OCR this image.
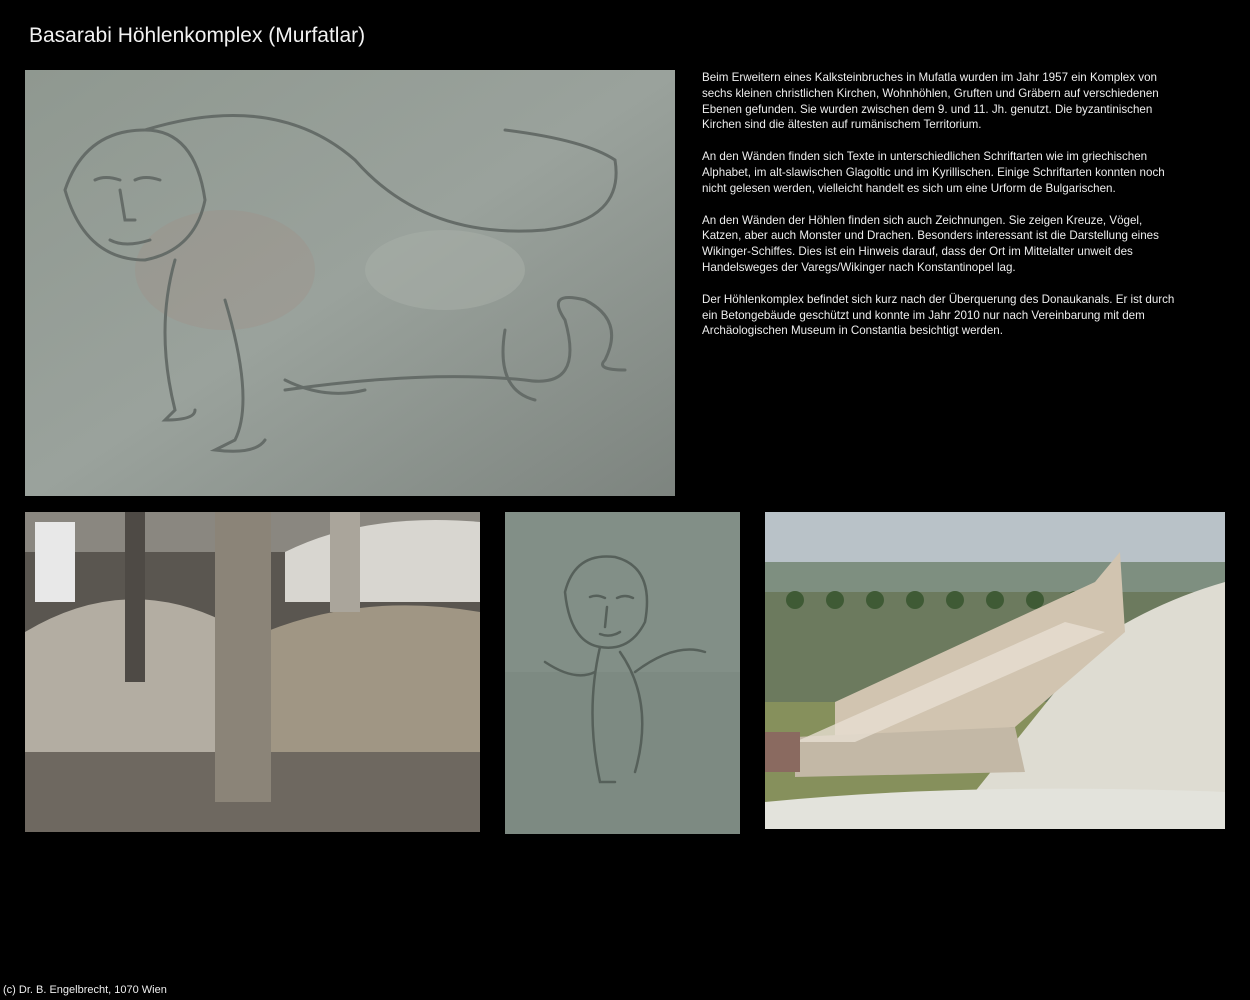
Basarabi Höhlenkomplex (Murfatlar)

Beim Erweitern eines Kalksteinbruches in Mufatla wurden im Jahr 1957 ein Komplex von sechs kleinen christlichen Kirchen, Wohnhöhlen, Gruften und Gräbern auf verschiedenen Ebenen gefunden. Sie wurden zwischen dem 9. und 11. Jh. genutzt. Die byzantinischen Kirchen sind die ältesten auf rumänischem Territorium.

An den Wänden finden sich Texte in unterschiedlichen Schriftarten wie im griechischen Alphabet, im alt-slawischen Glagoltic und im Kyrillischen. Einige Schriftarten konnten noch nicht gelesen werden, vielleicht handelt es sich um eine Urform de Bulgarischen.

An den Wänden der Höhlen finden sich auch Zeichnungen. Sie zeigen Kreuze, Vögel, Katzen, aber auch Monster und Drachen. Besonders interessant ist die Darstellung eines Wikinger-Schiffes. Dies ist ein Hinweis darauf, dass der Ort im Mittelalter unweit des Handelsweges der Varegs/Wikinger nach Konstantinopel lag.

Der Höhlenkomplex befindet sich kurz nach der Überquerung des Donaukanals. Er ist durch ein Betongebäude geschützt und konnte im Jahr 2010 nur nach Vereinbarung mit dem Archäologischen Museum in Constantia besichtigt werden.

(c) Dr. B. Engelbrecht, 1070 Wien
